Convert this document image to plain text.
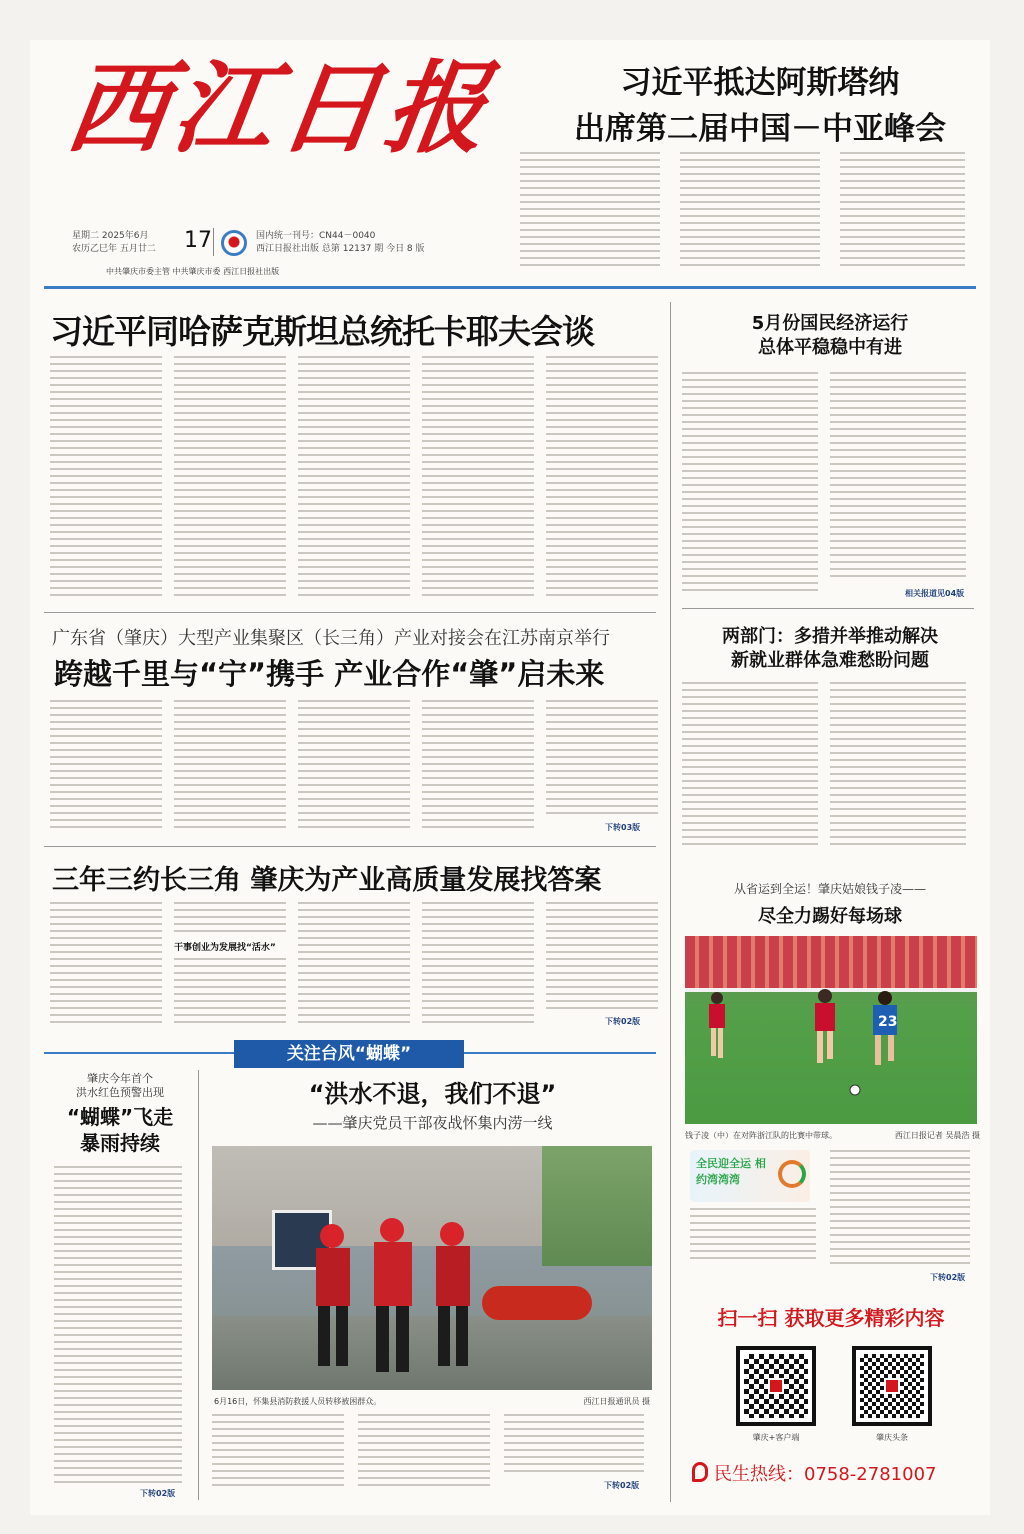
西江日报
星期二 2025年6月
农历乙巳年 五月廿二 17	国内统一刊号：CN44－0040
西江日报社出版 总第 12137 期 今日 8 版
中共肇庆市委主管 中共肇庆市委 西江日报社出版
习近平抵达阿斯塔纳
出席第二届中国－中亚峰会
习近平同哈萨克斯坦总统托卡耶夫会谈	5月份国民经济运行
总体平稳稳中有进
相关报道见04版
广东省（肇庆）大型产业集聚区（长三角）产业对接会在江苏南京举行
跨越千里与“宁”携手 产业合作“肇”启未来
下转03版
两部门：多措并举推动解决
新就业群体急难愁盼问题
三年三约长三角 肇庆为产业高质量发展找答案
干事创业为发展找“活水”
下转02版
从省运到全运！肇庆姑娘钱子凌——
尽全力踢好每场球
23
钱子凌（中）在对阵浙江队的比赛中带球。	西江日报记者 吴晨浩 摄
全民迎全运 相约湾湾湾
下转02版
关注台风“蝴蝶”
肇庆今年首个
洪水红色预警出现
“蝴蝶”飞走
暴雨持续
下转02版
“洪水不退，我们不退”
——肇庆党员干部夜战怀集内涝一线
6月16日，怀集县消防救援人员转移被困群众。	西江日报通讯员 摄
下转02版
扫一扫 获取更多精彩内容
肇庆+客户端	肇庆头条
民生热线：0758-2781007
